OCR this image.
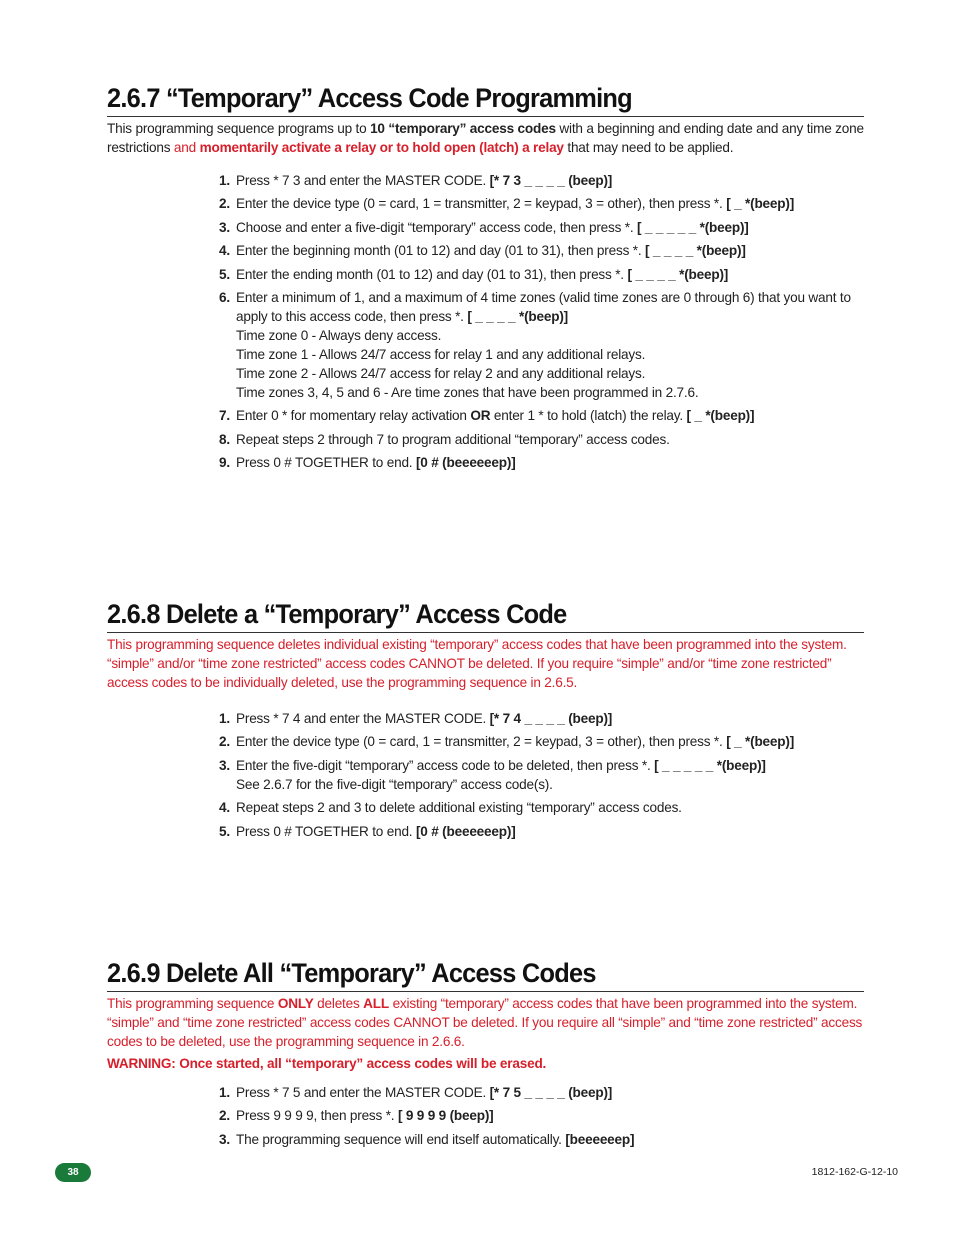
2.6.7 “Temporary” Access Code Programming
This programming sequence programs up to 10 “temporary” access codes with a beginning and ending date and any time zone restrictions and momentarily activate a relay or to hold open (latch) a relay that may need to be applied.
1. Press * 7 3 and enter the MASTER CODE. [* 7 3 _ _ _ _ (beep)]
2. Enter the device type (0 = card, 1 = transmitter, 2 = keypad, 3 = other), then press *. [ _ *(beep)]
3. Choose and enter a five-digit “temporary” access code, then press *. [ _ _ _ _ _ *(beep)]
4. Enter the beginning month (01 to 12) and day (01 to 31), then press *. [ _ _ _ _ *(beep)]
5. Enter the ending month (01 to 12) and day (01 to 31), then press *. [ _ _ _ _ *(beep)]
6. Enter a minimum of 1, and a maximum of 4 time zones (valid time zones are 0 through 6) that you want to apply to this access code, then press *. [ _ _ _ _ *(beep)]
Time zone 0 - Always deny access.
Time zone 1 - Allows 24/7 access for relay 1 and any additional relays.
Time zone 2 - Allows 24/7 access for relay 2 and any additional relays.
Time zones 3, 4, 5 and 6 - Are time zones that have been programmed in 2.7.6.
7. Enter 0 * for momentary relay activation OR enter 1 * to hold (latch) the relay. [ _ *(beep)]
8. Repeat steps 2 through 7 to program additional “temporary” access codes.
9. Press 0 # TOGETHER to end. [0 # (beeeeeep)]
2.6.8 Delete a “Temporary” Access Code
This programming sequence deletes individual existing “temporary” access codes that have been programmed into the system. “simple” and/or “time zone restricted” access codes CANNOT be deleted. If you require “simple” and/or “time zone restricted” access codes to be individually deleted, use the programming sequence in 2.6.5.
1. Press * 7 4 and enter the MASTER CODE. [* 7 4 _ _ _ _ (beep)]
2. Enter the device type (0 = card, 1 = transmitter, 2 = keypad, 3 = other), then press *. [ _ *(beep)]
3. Enter the five-digit “temporary” access code to be deleted, then press *. [ _ _ _ _ _ *(beep)]
See 2.6.7 for the five-digit “temporary” access code(s).
4. Repeat steps 2 and 3 to delete additional existing “temporary” access codes.
5. Press 0 # TOGETHER to end. [0 # (beeeeeep)]
2.6.9 Delete All “Temporary” Access Codes
This programming sequence ONLY deletes ALL existing “temporary” access codes that have been programmed into the system. “simple” and “time zone restricted” access codes CANNOT be deleted. If you require all “simple” and “time zone restricted” access codes to be deleted, use the programming sequence in 2.6.6.
WARNING: Once started, all “temporary” access codes will be erased.
1. Press * 7 5 and enter the MASTER CODE. [* 7 5 _ _ _ _ (beep)]
2. Press 9 9 9 9, then press *. [ 9 9 9 9 (beep)]
3. The programming sequence will end itself automatically. [beeeeeep]
38	1812-162-G-12-10
